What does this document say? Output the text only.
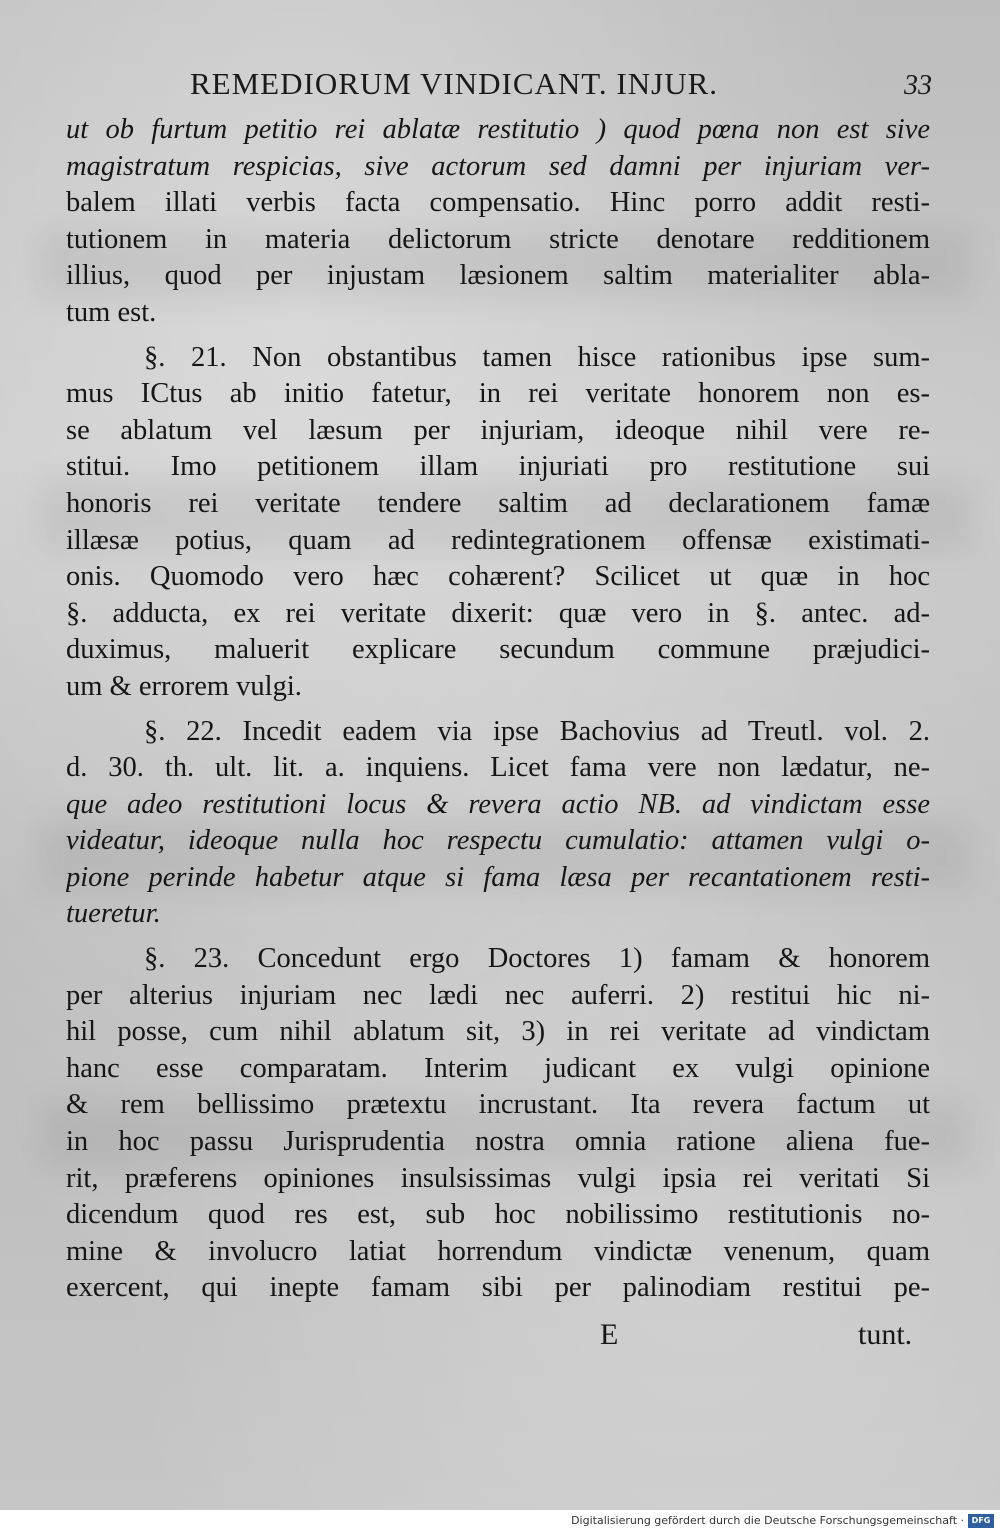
REMEDIORUM VINDICANT. INJUR.	33
ut ob furtum petitio rei ablatæ restitutio ) quod pœna non est sive
magistratum respicias, sive actorum sed damni per injuriam ver-
balem illati verbis facta compensatio. Hinc porro addit resti-
tutionem in materia delictorum stricte denotare redditionem
illius, quod per injustam læsionem saltim materialiter abla-
tum est.
§. 21. Non obstantibus tamen hisce rationibus ipse sum-
mus ICtus ab initio fatetur, in rei veritate honorem non es-
se ablatum vel læsum per injuriam, ideoque nihil vere re-
stitui. Imo petitionem illam injuriati pro restitutione sui
honoris rei veritate tendere saltim ad declarationem famæ
illæsæ potius, quam ad redintegrationem offensæ existimati-
onis. Quomodo vero hæc cohærent? Scilicet ut quæ in hoc
§. adducta, ex rei veritate dixerit: quæ vero in §. antec. ad-
duximus, maluerit explicare secundum commune præjudici-
um & errorem vulgi.
§. 22. Incedit eadem via ipse Bachovius ad Treutl. vol. 2.
d. 30. th. ult. lit. a. inquiens. Licet fama vere non lædatur, ne-
que adeo restitutioni locus & revera actio NB. ad vindictam esse
videatur, ideoque nulla hoc respectu cumulatio: attamen vulgi o-
pione perinde habetur atque si fama læsa per recantationem resti-
tueretur.
§. 23. Concedunt ergo Doctores 1) famam & honorem
per alterius injuriam nec lædi nec auferri. 2) restitui hic ni-
hil posse, cum nihil ablatum sit, 3) in rei veritate ad vindictam
hanc esse comparatam. Interim judicant ex vulgi opinione
& rem bellissimo prætextu incrustant. Ita revera factum ut
in hoc passu Jurisprudentia nostra omnia ratione aliena fue-
rit, præferens opiniones insulsissimas vulgi ipsia rei veritati Si
dicendum quod res est, sub hoc nobilissimo restitutionis no-
mine & involucro latiat horrendum vindictæ venenum, quam
exercent, qui inepte famam sibi per palinodiam restitui pe-
E	tunt.
Digitalisierung gefördert durch die Deutsche Forschungsgemeinschaft · DFG
